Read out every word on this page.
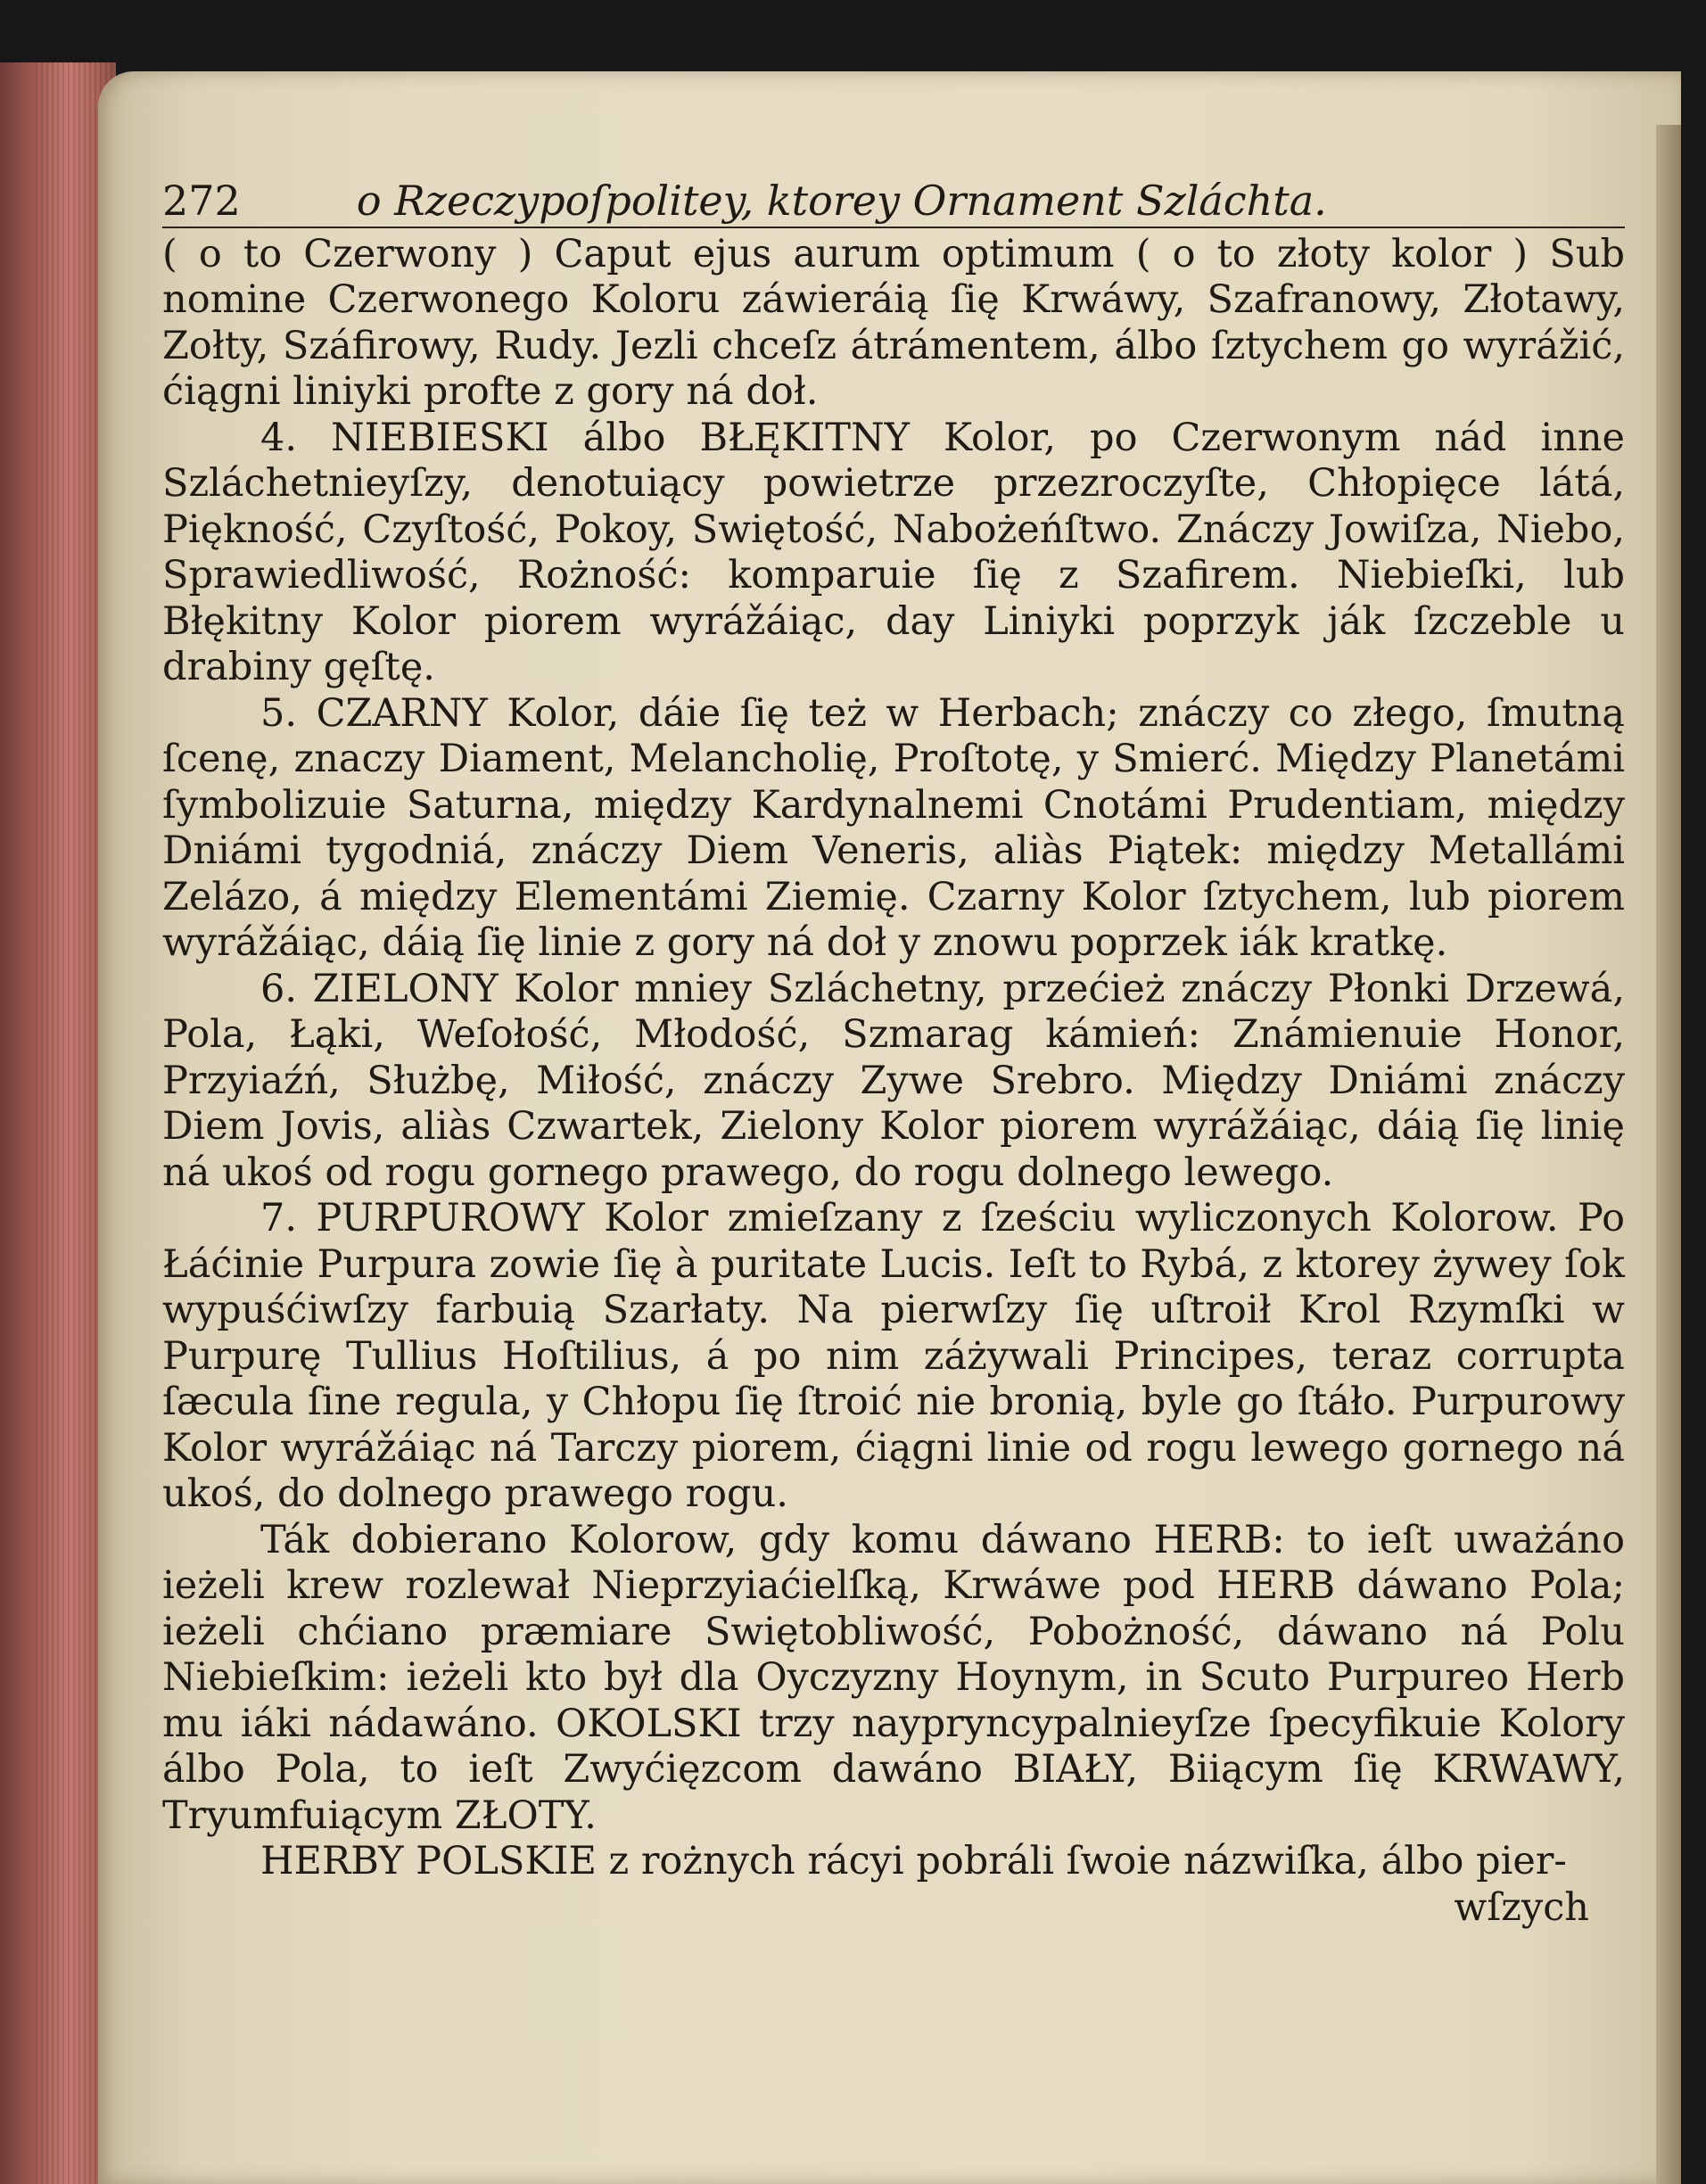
272	o Rzeczypoſpolitey, ktorey Ornament Szláchta.

( o to Czerwony ) Caput ejus aurum optimum ( o to złoty kolor ) Sub nomine Czerwonego Koloru záwieráią ſię Krwáwy, Szafranowy, Złotawy, Zołty, Száfirowy, Rudy. Jezli chceſz átrámentem, álbo ſztychem go wyrážić, ćiągni liniyki profte z gory ná doł.

4. NIEBIESKI álbo BŁĘKITNY Kolor, po Czerwonym nád inne Szláchetnieyſzy, denotuiący powietrze przezroczyſte, Chłopięce látá, Piękność, Czyſtość, Pokoy, Swiętość, Nabożeńſtwo. Znáczy Jowiſza, Niebo, Sprawiedliwość, Rożność: komparuie ſię z Szafirem. Niebieſki, lub Błękitny Kolor piorem wyrážáiąc, day Liniyki poprzyk ják ſzczeble u drabiny gęſtę.

5. CZARNY Kolor, dáie ſię też w Herbach; znáczy co złego, ſmutną ſcenę, znaczy Diament, Melancholię, Proſtotę, y Smierć. Między Planetámi ſymbolizuie Saturna, między Kardynalnemi Cnotámi Prudentiam, między Dniámi tygodniá, znáczy Diem Veneris, aliàs Piątek: między Metallámi Zelázo, á między Elementámi Ziemię. Czarny Kolor ſztychem, lub piorem wyrážáiąc, dáią ſię linie z gory ná doł y znowu poprzek iák kratkę.

6. ZIELONY Kolor mniey Szláchetny, przećież znáczy Płonki Drzewá, Pola, Łąki, Weſołość, Młodość, Szmarag kámień: Známienuie Honor, Przyiaźń, Służbę, Miłość, znáczy Zywe Srebro. Między Dniámi znáczy Diem Jovis, aliàs Czwartek, Zielony Kolor piorem wyrážáiąc, dáią ſię linię ná ukoś od rogu gornego prawego, do rogu dolnego lewego.

7. PURPUROWY Kolor zmieſzany z ſześciu wyliczonych Kolorow. Po Łáćinie Purpura zowie ſię à puritate Lucis. Ieſt to Rybá, z ktorey żywey ſok wypuśćiwſzy farbuią Szarłaty. Na pierwſzy ſię uſtroił Krol Rzymſki w Purpurę Tullius Hoſtilius, á po nim záżywali Principes, teraz corrupta ſæcula ſine regula, y Chłopu ſię ſtroić nie bronią, byle go ſtáło. Purpurowy Kolor wyrážáiąc ná Tarczy piorem, ćiągni linie od rogu lewego gornego ná ukoś, do dolnego prawego rogu.

Ták dobierano Kolorow, gdy komu dáwano HERB: to ieſt uważáno ieżeli krew rozlewał Nieprzyiaćielſką, Krwáwe pod HERB dáwano Pola; ieżeli chćiano præmiare Swiętobliwość, Pobożność, dáwano ná Polu Niebieſkim: ieżeli kto był dla Oyczyzny Hoynym, in Scuto Purpureo Herb mu iáki nádawáno. OKOLSKI trzy naypryncypalnieyſze ſpecyfikuie Kolory álbo Pola, to ieſt Zwyćięzcom dawáno BIAŁY, Biiącym ſię KRWAWY, Tryumfuiącym ZŁOTY.

HERBY POLSKIE z rożnych rácyi pobráli ſwoie názwiſka, álbo pier-

wſzych
